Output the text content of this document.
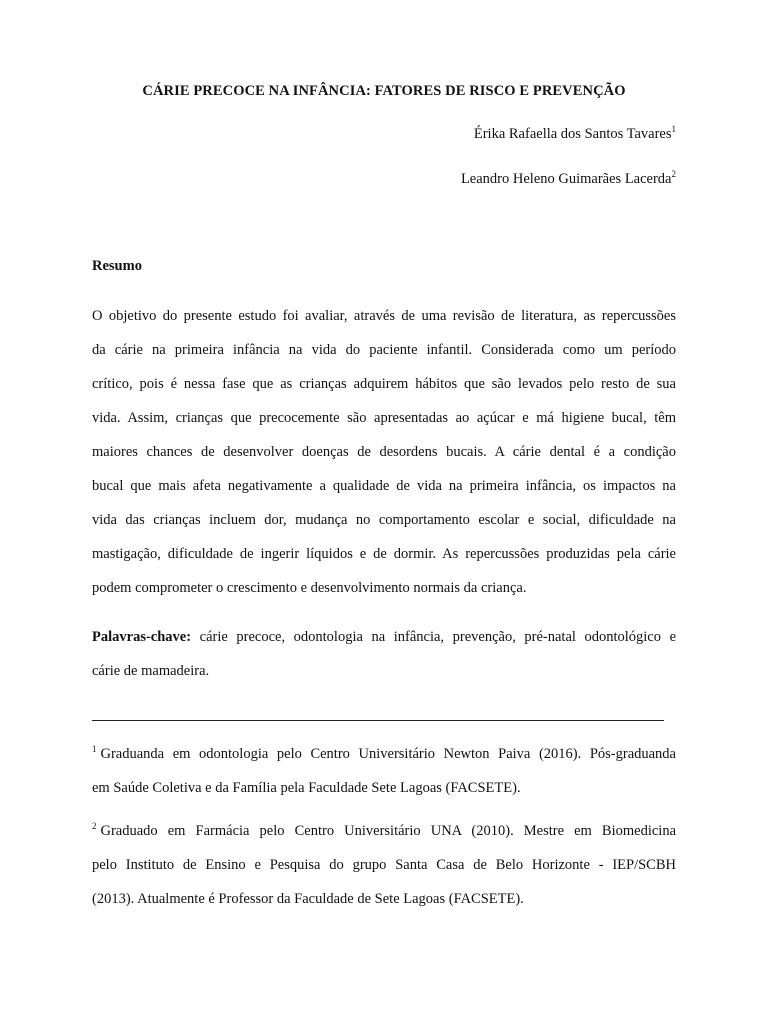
CÁRIE PRECOCE NA INFÂNCIA: FATORES DE RISCO E PREVENÇÃO
Érika Rafaella dos Santos Tavares$^1$
Leandro Heleno Guimarães Lacerda$^2$
Resumo
O objetivo do presente estudo foi avaliar, através de uma revisão de literatura, as repercussões
da cárie na primeira infância na vida do paciente infantil. Considerada como um período
crítico, pois é nessa fase que as crianças adquirem hábitos que são levados pelo resto de sua
vida. Assim, crianças que precocemente são apresentadas ao açúcar e má higiene bucal, têm
maiores chances de desenvolver doenças de desordens bucais. A cárie dental é a condição
bucal que mais afeta negativamente a qualidade de vida na primeira infância, os impactos na
vida das crianças incluem dor, mudança no comportamento escolar e social, dificuldade na
mastigação, dificuldade de ingerir líquidos e de dormir. As repercussões produzidas pela cárie
podem comprometer o crescimento e desenvolvimento normais da criança.
Palavras-chave: cárie precoce, odontologia na infância, prevenção, pré-natal odontológico e
cárie de mamadeira.
$^1$ Graduanda em odontologia pelo Centro Universitário Newton Paiva (2016). Pós-graduanda
em Saúde Coletiva e da Família pela Faculdade Sete Lagoas (FACSETE).
$^2$ Graduado em Farmácia pelo Centro Universitário UNA (2010). Mestre em Biomedicina
pelo Instituto de Ensino e Pesquisa do grupo Santa Casa de Belo Horizonte - IEP/SCBH
(2013). Atualmente é Professor da Faculdade de Sete Lagoas (FACSETE).
